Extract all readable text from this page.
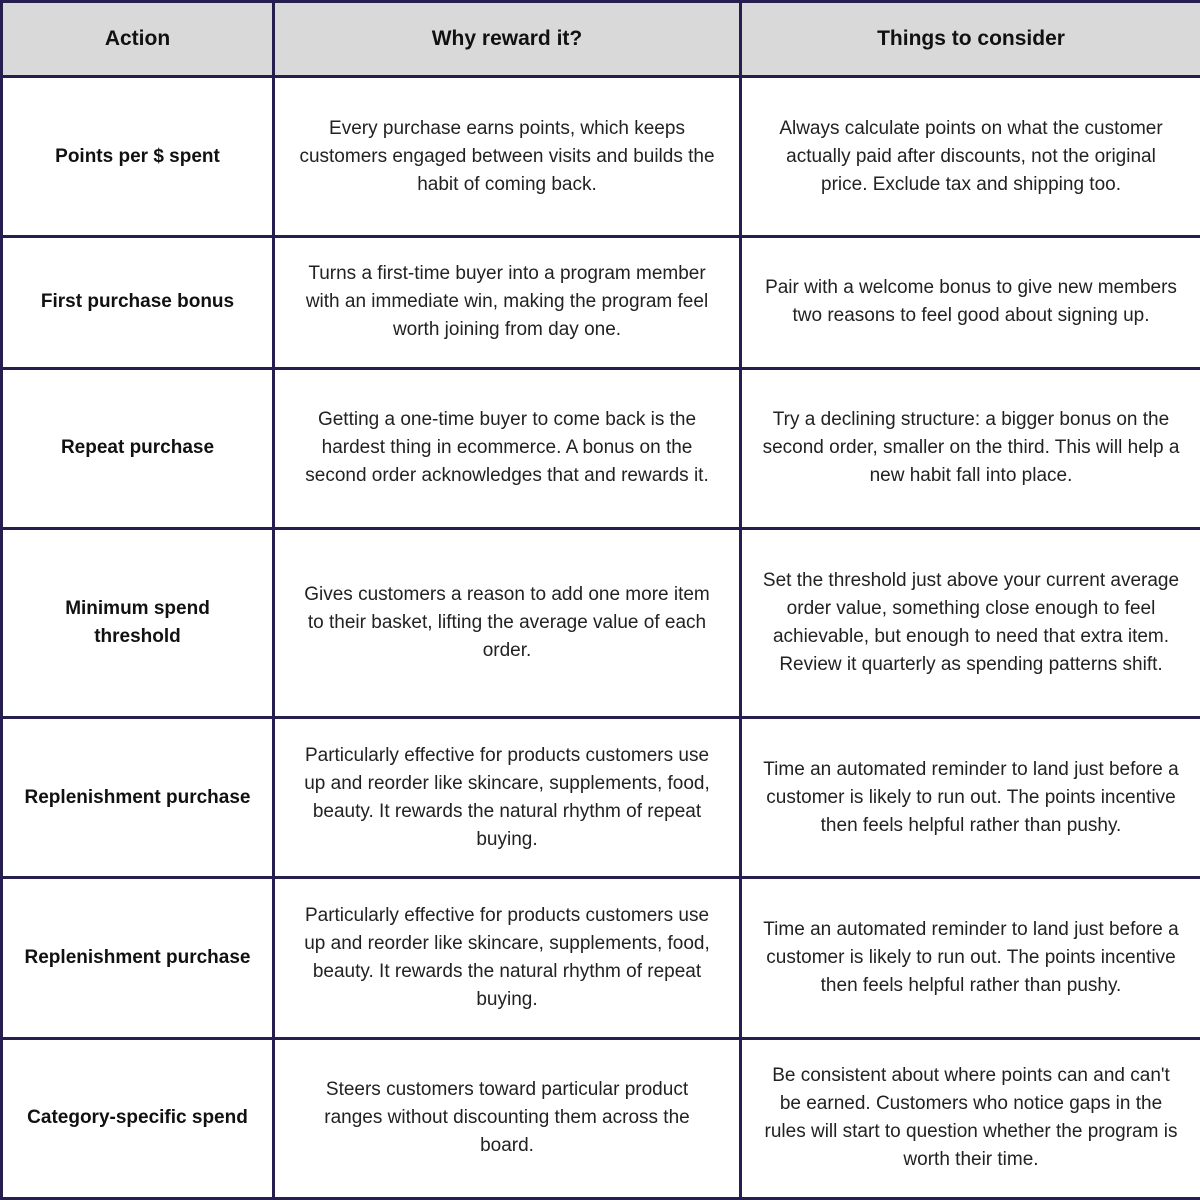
Action	Why reward it?	Things to consider
Points per $ spent	Every purchase earns points, which keeps customers engaged between visits and builds the habit of coming back.	Always calculate points on what the customer actually paid after discounts, not the original price. Exclude tax and shipping too.
First purchase bonus	Turns a first-time buyer into a program member with an immediate win, making the program feel worth joining from day one.	Pair with a welcome bonus to give new members two reasons to feel good about signing up.
Repeat purchase	Getting a one-time buyer to come back is the hardest thing in ecommerce. A bonus on the second order acknowledges that and rewards it.	Try a declining structure: a bigger bonus on the second order, smaller on the third. This will help a new habit fall into place.
Minimum spend threshold	Gives customers a reason to add one more item to their basket, lifting the average value of each order.	Set the threshold just above your current average order value, something close enough to feel achievable, but enough to need that extra item. Review it quarterly as spending patterns shift.
Replenishment purchase	Particularly effective for products customers use up and reorder like skincare, supplements, food, beauty. It rewards the natural rhythm of repeat buying.	Time an automated reminder to land just before a customer is likely to run out. The points incentive then feels helpful rather than pushy.
Replenishment purchase	Particularly effective for products customers use up and reorder like skincare, supplements, food, beauty. It rewards the natural rhythm of repeat buying.	Time an automated reminder to land just before a customer is likely to run out. The points incentive then feels helpful rather than pushy.
Category-specific spend	Steers customers toward particular product ranges without discounting them across the board.	Be consistent about where points can and can't be earned. Customers who notice gaps in the rules will start to question whether the program is worth their time.
